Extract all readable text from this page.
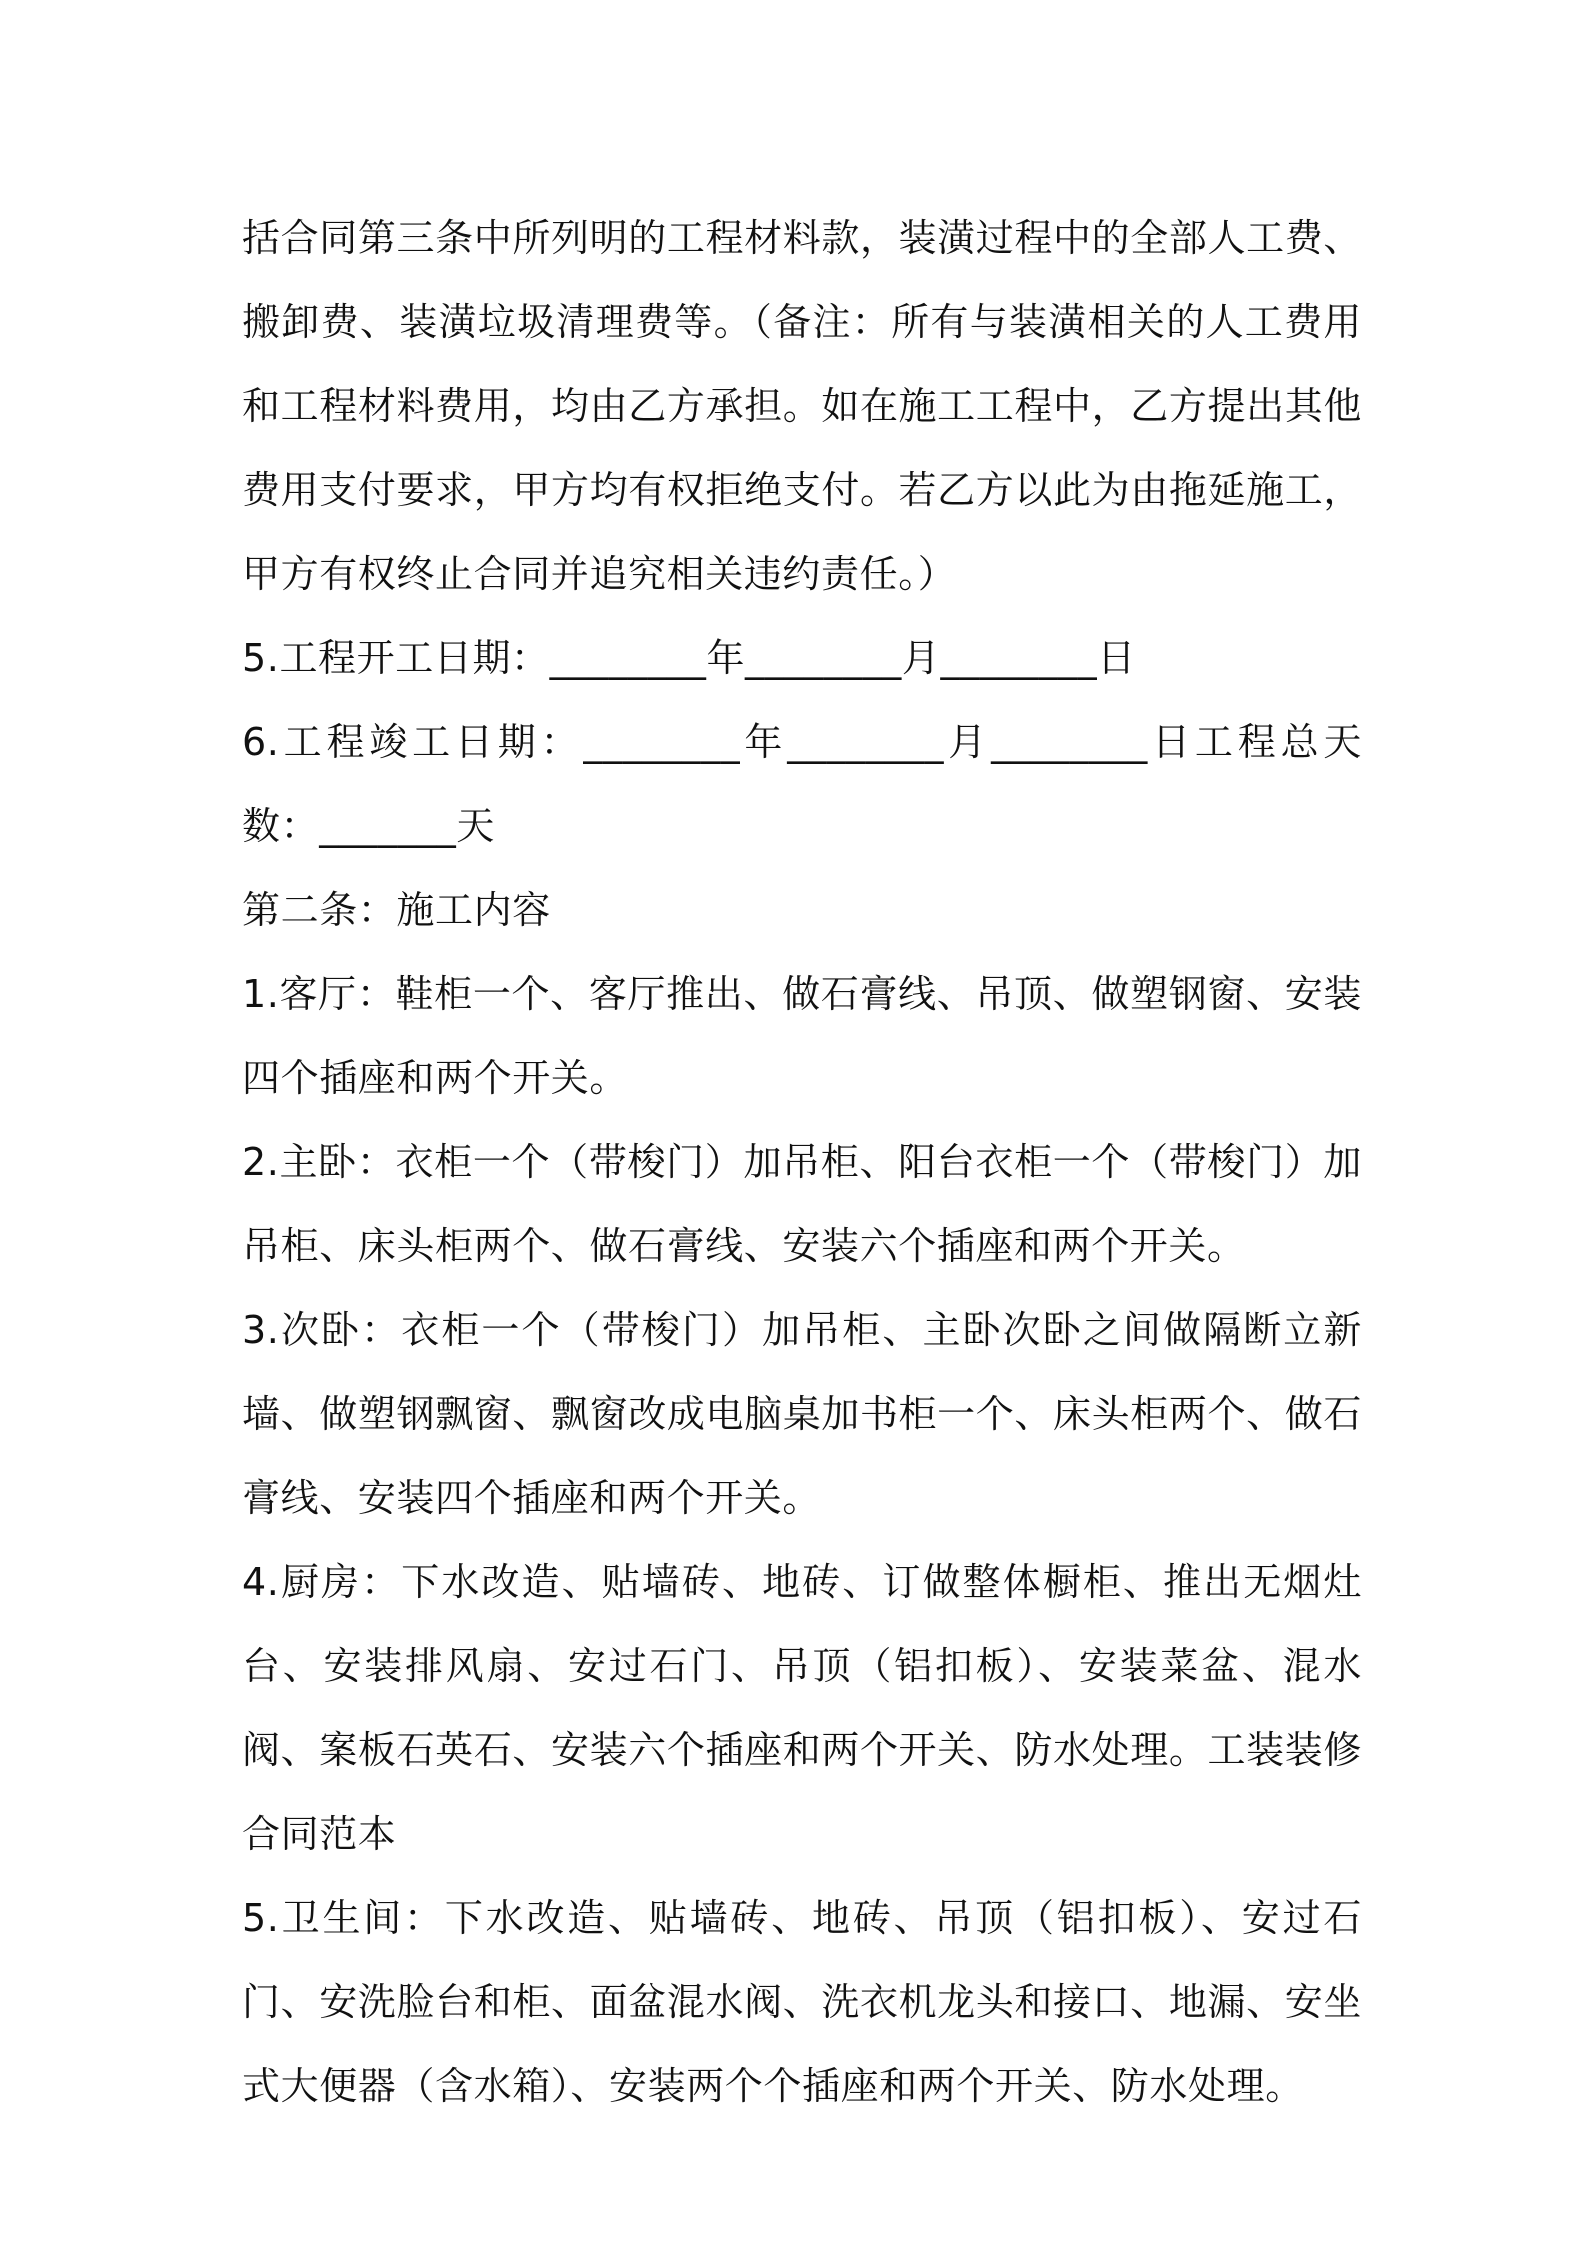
括合同第三条中所列明的工程材料款，装潢过程中的全部人工费、搬卸费、装潢垃圾清理费等。（备注：所有与装潢相关的人工费用和工程材料费用，均由乙方承担。如在施工工程中，乙方提出其他费用支付要求，甲方均有权拒绝支付。若乙方以此为由拖延施工，甲方有权终止合同并追究相关违约责任。）

5.工程开工日期：________年________月________日

6.工程竣工日期：________年________月________日工程总天数：_______天

第二条：施工内容

1.客厅：鞋柜一个、客厅推出、做石膏线、吊顶、做塑钢窗、安装四个插座和两个开关。

2.主卧：衣柜一个（带梭门）加吊柜、阳台衣柜一个（带梭门）加吊柜、床头柜两个、做石膏线、安装六个插座和两个开关。

3.次卧：衣柜一个（带梭门）加吊柜、主卧次卧之间做隔断立新墙、做塑钢飘窗、飘窗改成电脑桌加书柜一个、床头柜两个、做石膏线、安装四个插座和两个开关。

4.厨房：下水改造、贴墙砖、地砖、订做整体橱柜、推出无烟灶台、安装排风扇、安过石门、吊顶（铝扣板）、安装菜盆、混水阀、案板石英石、安装六个插座和两个开关、防水处理。工装装修合同范本

5.卫生间：下水改造、贴墙砖、地砖、吊顶（铝扣板）、安过石门、安洗脸台和柜、面盆混水阀、洗衣机龙头和接口、地漏、安坐式大便器（含水箱）、安装两个个插座和两个开关、防水处理。
